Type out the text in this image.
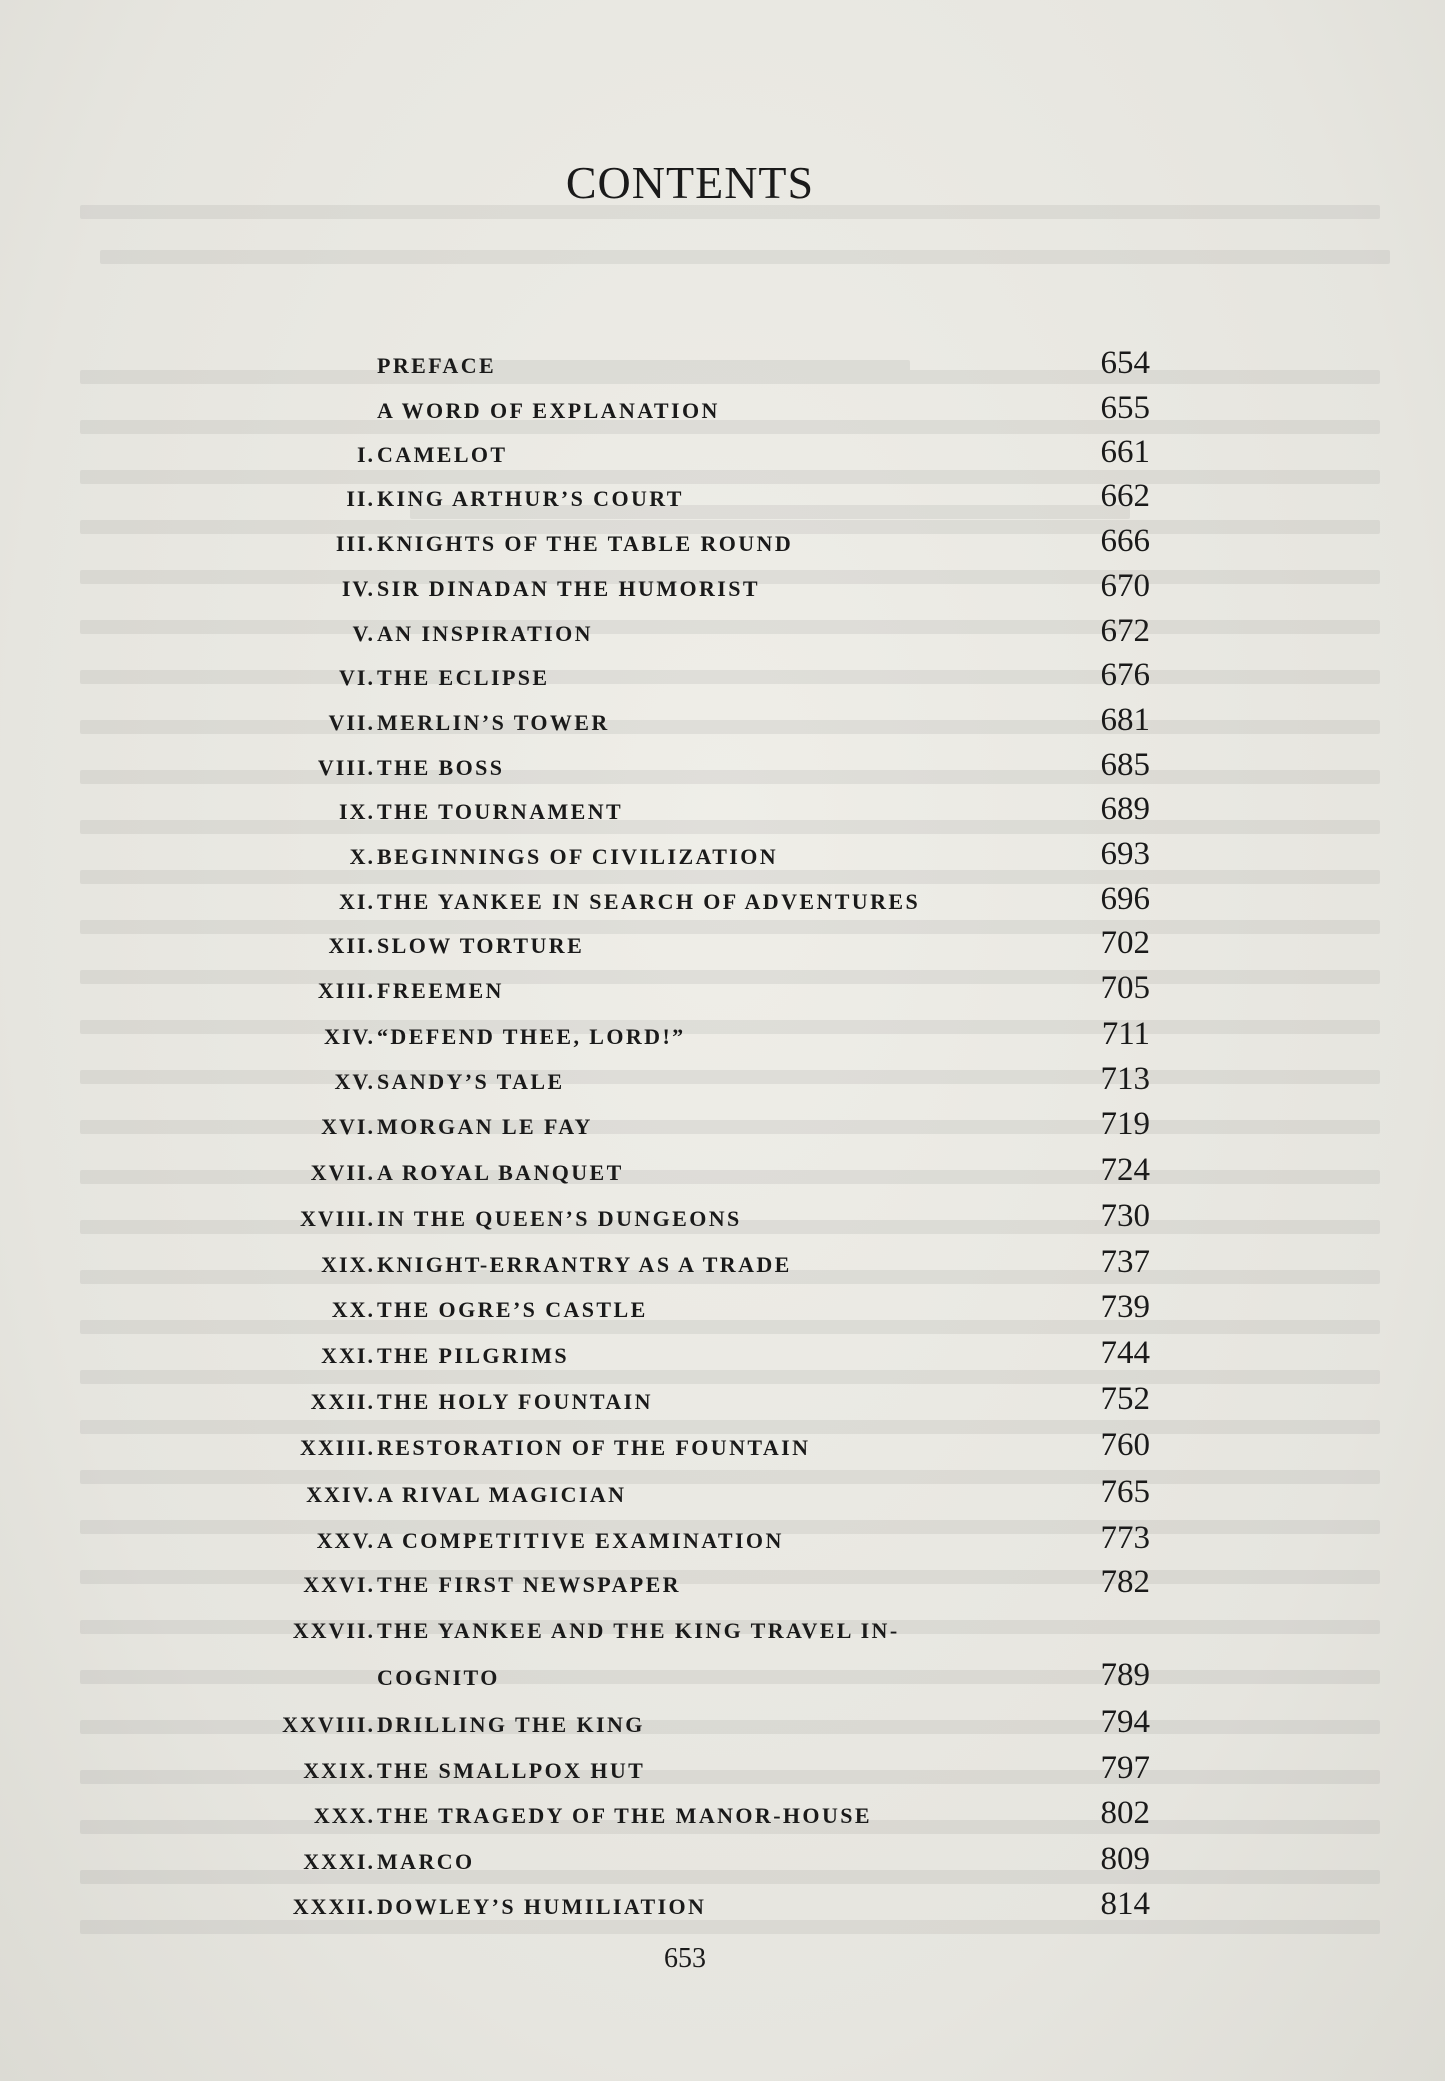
CONTENTS
PREFACE	654
A WORD OF EXPLANATION	655
I. CAMELOT	661
II. KING ARTHUR’S COURT	662
III. KNIGHTS OF THE TABLE ROUND	666
IV. SIR DINADAN THE HUMORIST	670
V. AN INSPIRATION	672
VI. THE ECLIPSE	676
VII. MERLIN’S TOWER	681
VIII. THE BOSS	685
IX. THE TOURNAMENT	689
X. BEGINNINGS OF CIVILIZATION	693
XI. THE YANKEE IN SEARCH OF ADVENTURES	696
XII. SLOW TORTURE	702
XIII. FREEMEN	705
XIV. “DEFEND THEE, LORD!”	711
XV. SANDY’S TALE	713
XVI. MORGAN LE FAY	719
XVII. A ROYAL BANQUET	724
XVIII. IN THE QUEEN’S DUNGEONS	730
XIX. KNIGHT-ERRANTRY AS A TRADE	737
XX. THE OGRE’S CASTLE	739
XXI. THE PILGRIMS	744
XXII. THE HOLY FOUNTAIN	752
XXIII. RESTORATION OF THE FOUNTAIN	760
XXIV. A RIVAL MAGICIAN	765
XXV. A COMPETITIVE EXAMINATION	773
XXVI. THE FIRST NEWSPAPER	782
XXVII. THE YANKEE AND THE KING TRAVEL IN-
COGNITO	789
XXVIII. DRILLING THE KING	794
XXIX. THE SMALLPOX HUT	797
XXX. THE TRAGEDY OF THE MANOR-HOUSE	802
XXXI. MARCO	809
XXXII. DOWLEY’S HUMILIATION	814
653
